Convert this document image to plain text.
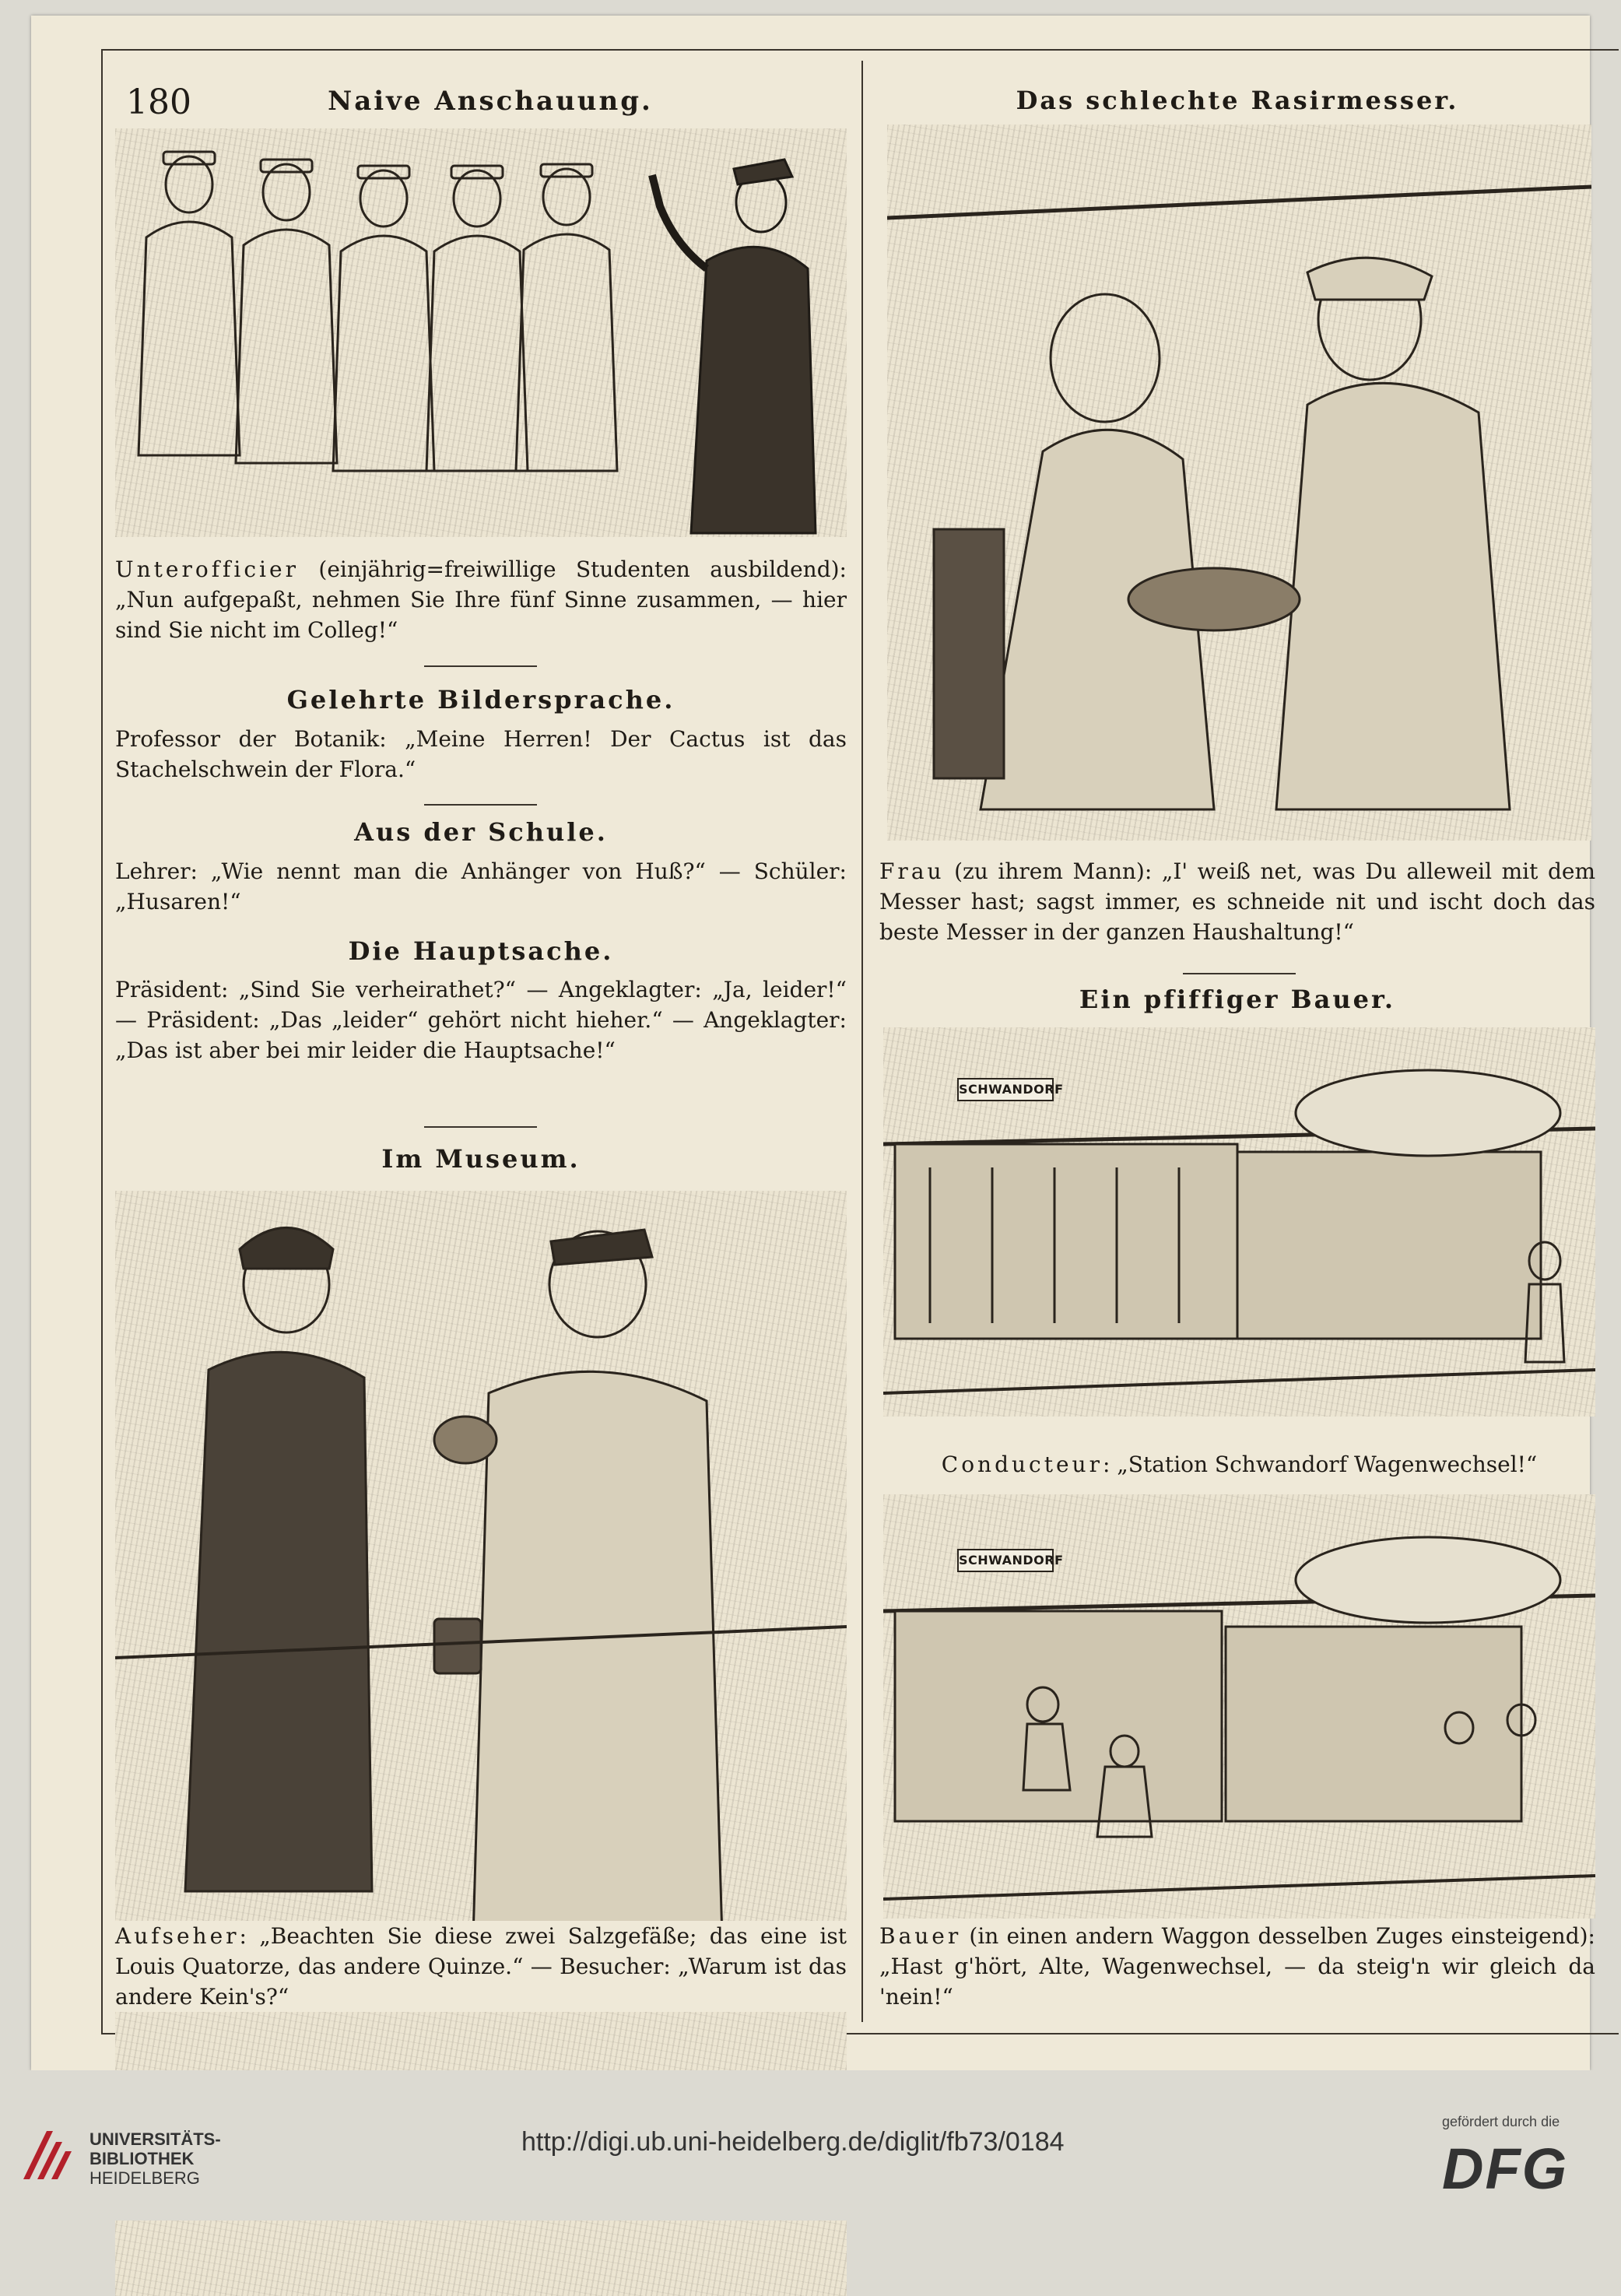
180	Naive Anschauung.
Unterofficier (einjährig=freiwillige Studenten ausbildend): „Nun aufgepaßt, nehmen Sie Ihre fünf Sinne zusammen, — hier sind Sie nicht im Colleg!“
Gelehrte Bildersprache.
Professor der Botanik: „Meine Herren! Der Cactus ist das Stachelschwein der Flora.“
Aus der Schule.
Lehrer: „Wie nennt man die Anhänger von Huß?“ — Schüler: „Husaren!“
Die Hauptsache.
Präsident: „Sind Sie verheirathet?“ — Angeklagter: „Ja, leider!“ — Präsident: „Das „leider“ gehört nicht hieher.“ — Angeklagter: „Das ist aber bei mir leider die Hauptsache!“
Im Museum.
Das schlechte Rasirmesser.
Frau (zu ihrem Mann): „I' weiß net, was Du alleweil mit dem Messer hast; sagst immer, es schneide nit und ischt doch das beste Messer in der ganzen Haushaltung!“
Ein pfiffiger Bauer.
SCHWANDORF
Conducteur: „Station Schwandorf Wagenwechsel!“
SCHWANDORF
Bauer (in einen andern Waggon desselben Zuges einsteigend): „Hast g'hört, Alte, Wagenwechsel, — da steig'n wir gleich da 'nein!“
Aufseher: „Beachten Sie diese zwei Salzgefäße; das eine ist Louis Quatorze, das andere Quinze.“ — Besucher: „Warum ist das andere Kein's?“
UNIVERSITÄTS-
BIBLIOTHEK
HEIDELBERG
http://digi.ub.uni-heidelberg.de/diglit/fb73/0184
gefördert durch die
DFG
